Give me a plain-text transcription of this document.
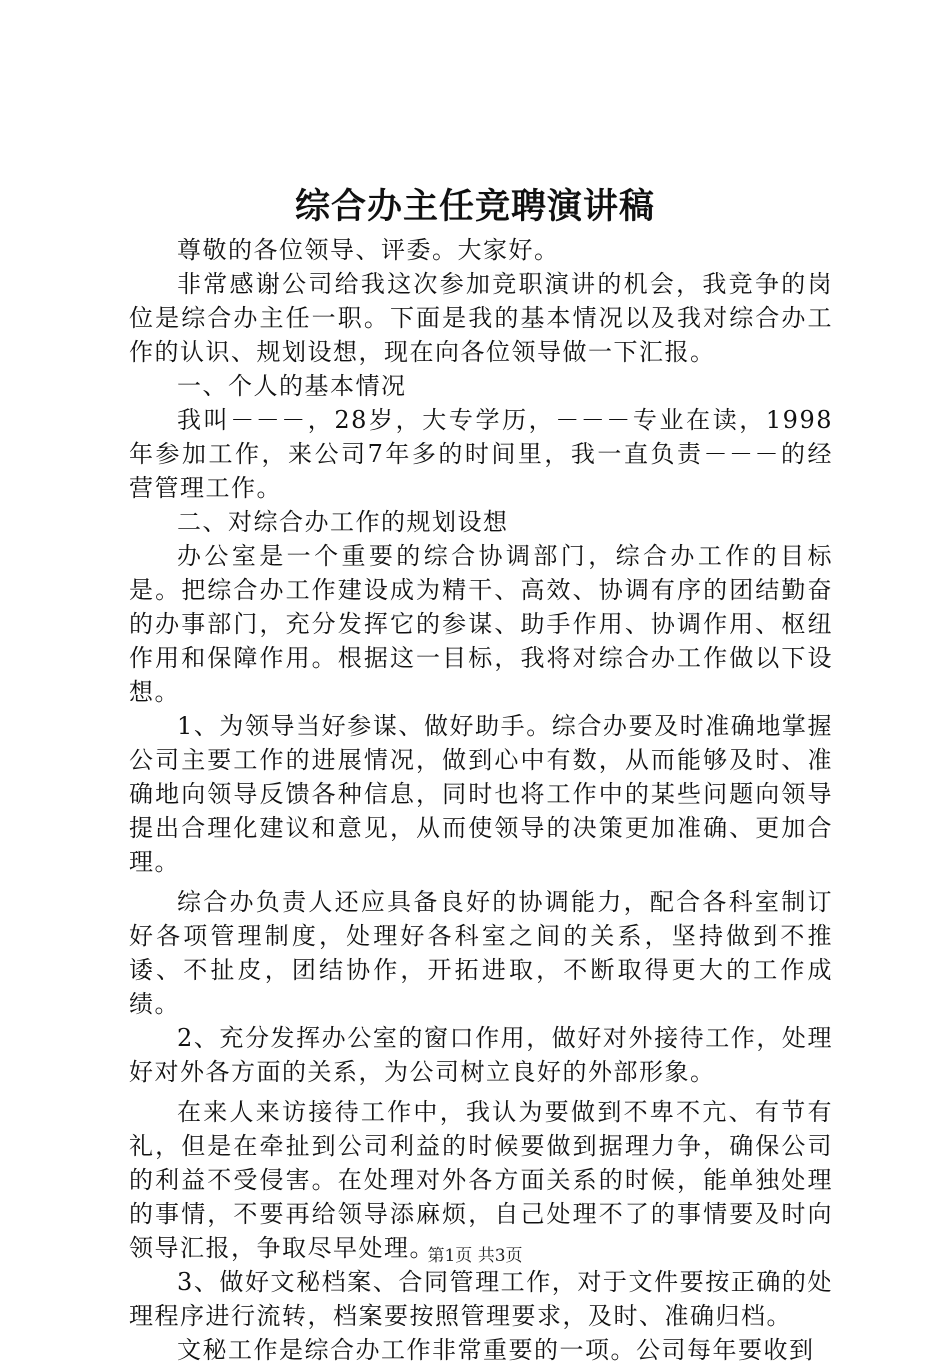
综合办主任竞聘演讲稿

尊敬的各位领导、评委。大家好。

非常感谢公司给我这次参加竞职演讲的机会，我竞争的岗位是综合办主任一职。下面是我的基本情况以及我对综合办工作的认识、规划设想，现在向各位领导做一下汇报。

一、个人的基本情况

我叫－－－，28岁，大专学历，－－－专业在读，1998年参加工作，来公司7年多的时间里，我一直负责－－－的经营管理工作。

二、对综合办工作的规划设想

办公室是一个重要的综合协调部门，综合办工作的目标是。把综合办工作建设成为精干、高效、协调有序的团结勤奋的办事部门，充分发挥它的参谋、助手作用、协调作用、枢纽作用和保障作用。根据这一目标，我将对综合办工作做以下设想。

1、为领导当好参谋、做好助手。综合办要及时准确地掌握公司主要工作的进展情况，做到心中有数，从而能够及时、准确地向领导反馈各种信息，同时也将工作中的某些问题向领导提出合理化建议和意见，从而使领导的决策更加准确、更加合理。

综合办负责人还应具备良好的协调能力，配合各科室制订好各项管理制度，处理好各科室之间的关系，坚持做到不推诿、不扯皮，团结协作，开拓进取，不断取得更大的工作成绩。

2、充分发挥办公室的窗口作用，做好对外接待工作，处理好对外各方面的关系，为公司树立良好的外部形象。

在来人来访接待工作中，我认为要做到不卑不亢、有节有礼，但是在牵扯到公司利益的时候要做到据理力争，确保公司的利益不受侵害。在处理对外各方面关系的时候，能单独处理的事情，不要再给领导添麻烦，自己处理不了的事情要及时向领导汇报，争取尽早处理。

3、做好文秘档案、合同管理工作，对于文件要按正确的处理程序进行流转，档案要按照管理要求，及时、准确归档。

文秘工作是综合办工作非常重要的一项。公司每年要收到

第1页 共3页
